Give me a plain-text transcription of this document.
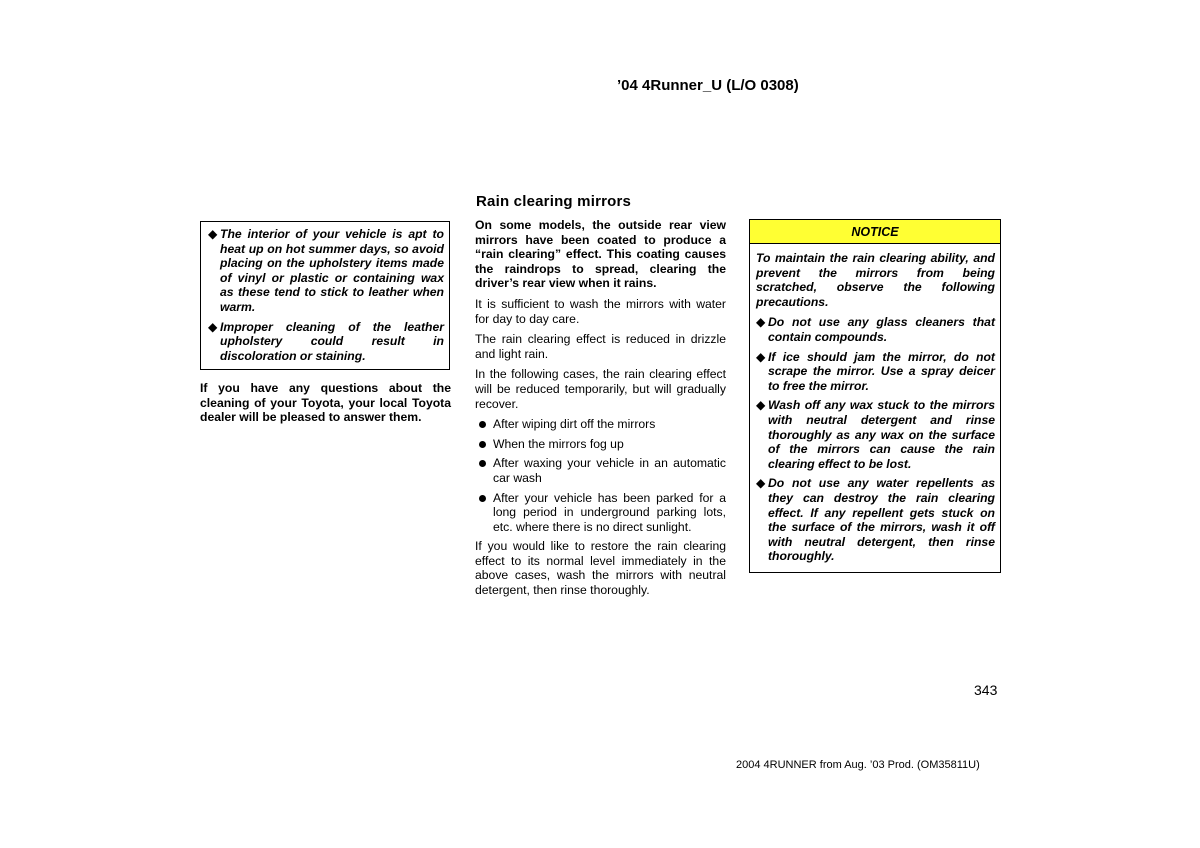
’04 4Runner_U (L/O 0308)
◆ The interior of your vehicle is apt to heat up on hot summer days, so avoid placing on the upholstery items made of vinyl or plastic or containing wax as these tend to stick to leather when warm.
◆ Improper cleaning of the leather upholstery could result in discoloration or staining.
If you have any questions about the cleaning of your Toyota, your local Toyota dealer will be pleased to answer them.
Rain clearing mirrors

On some models, the outside rear view mirrors have been coated to produce a “rain clearing” effect. This coating causes the raindrops to spread, clearing the driver’s rear view when it rains.

It is sufficient to wash the mirrors with water for day to day care.

The rain clearing effect is reduced in drizzle and light rain.

In the following cases, the rain clearing effect will be reduced temporarily, but will gradually recover.

After wiping dirt off the mirrors
When the mirrors fog up
After waxing your vehicle in an automatic car wash
After your vehicle has been parked for a long period in underground parking lots, etc. where there is no direct sunlight.

If you would like to restore the rain clearing effect to its normal level immediately in the above cases, wash the mirrors with neutral detergent, then rinse thoroughly.

NOTICE

To maintain the rain clearing ability, and prevent the mirrors from being scratched, observe the following precautions.

◆ Do not use any glass cleaners that contain compounds.
◆ If ice should jam the mirror, do not scrape the mirror. Use a spray deicer to free the mirror.
◆ Wash off any wax stuck to the mirrors with neutral detergent and rinse thoroughly as any wax on the surface of the mirrors can cause the rain clearing effect to be lost.
◆ Do not use any water repellents as they can destroy the rain clearing effect. If any repellent gets stuck on the surface of the mirrors, wash it off with neutral detergent, then rinse thoroughly.
343
2004 4RUNNER from Aug. ’03 Prod. (OM35811U)
